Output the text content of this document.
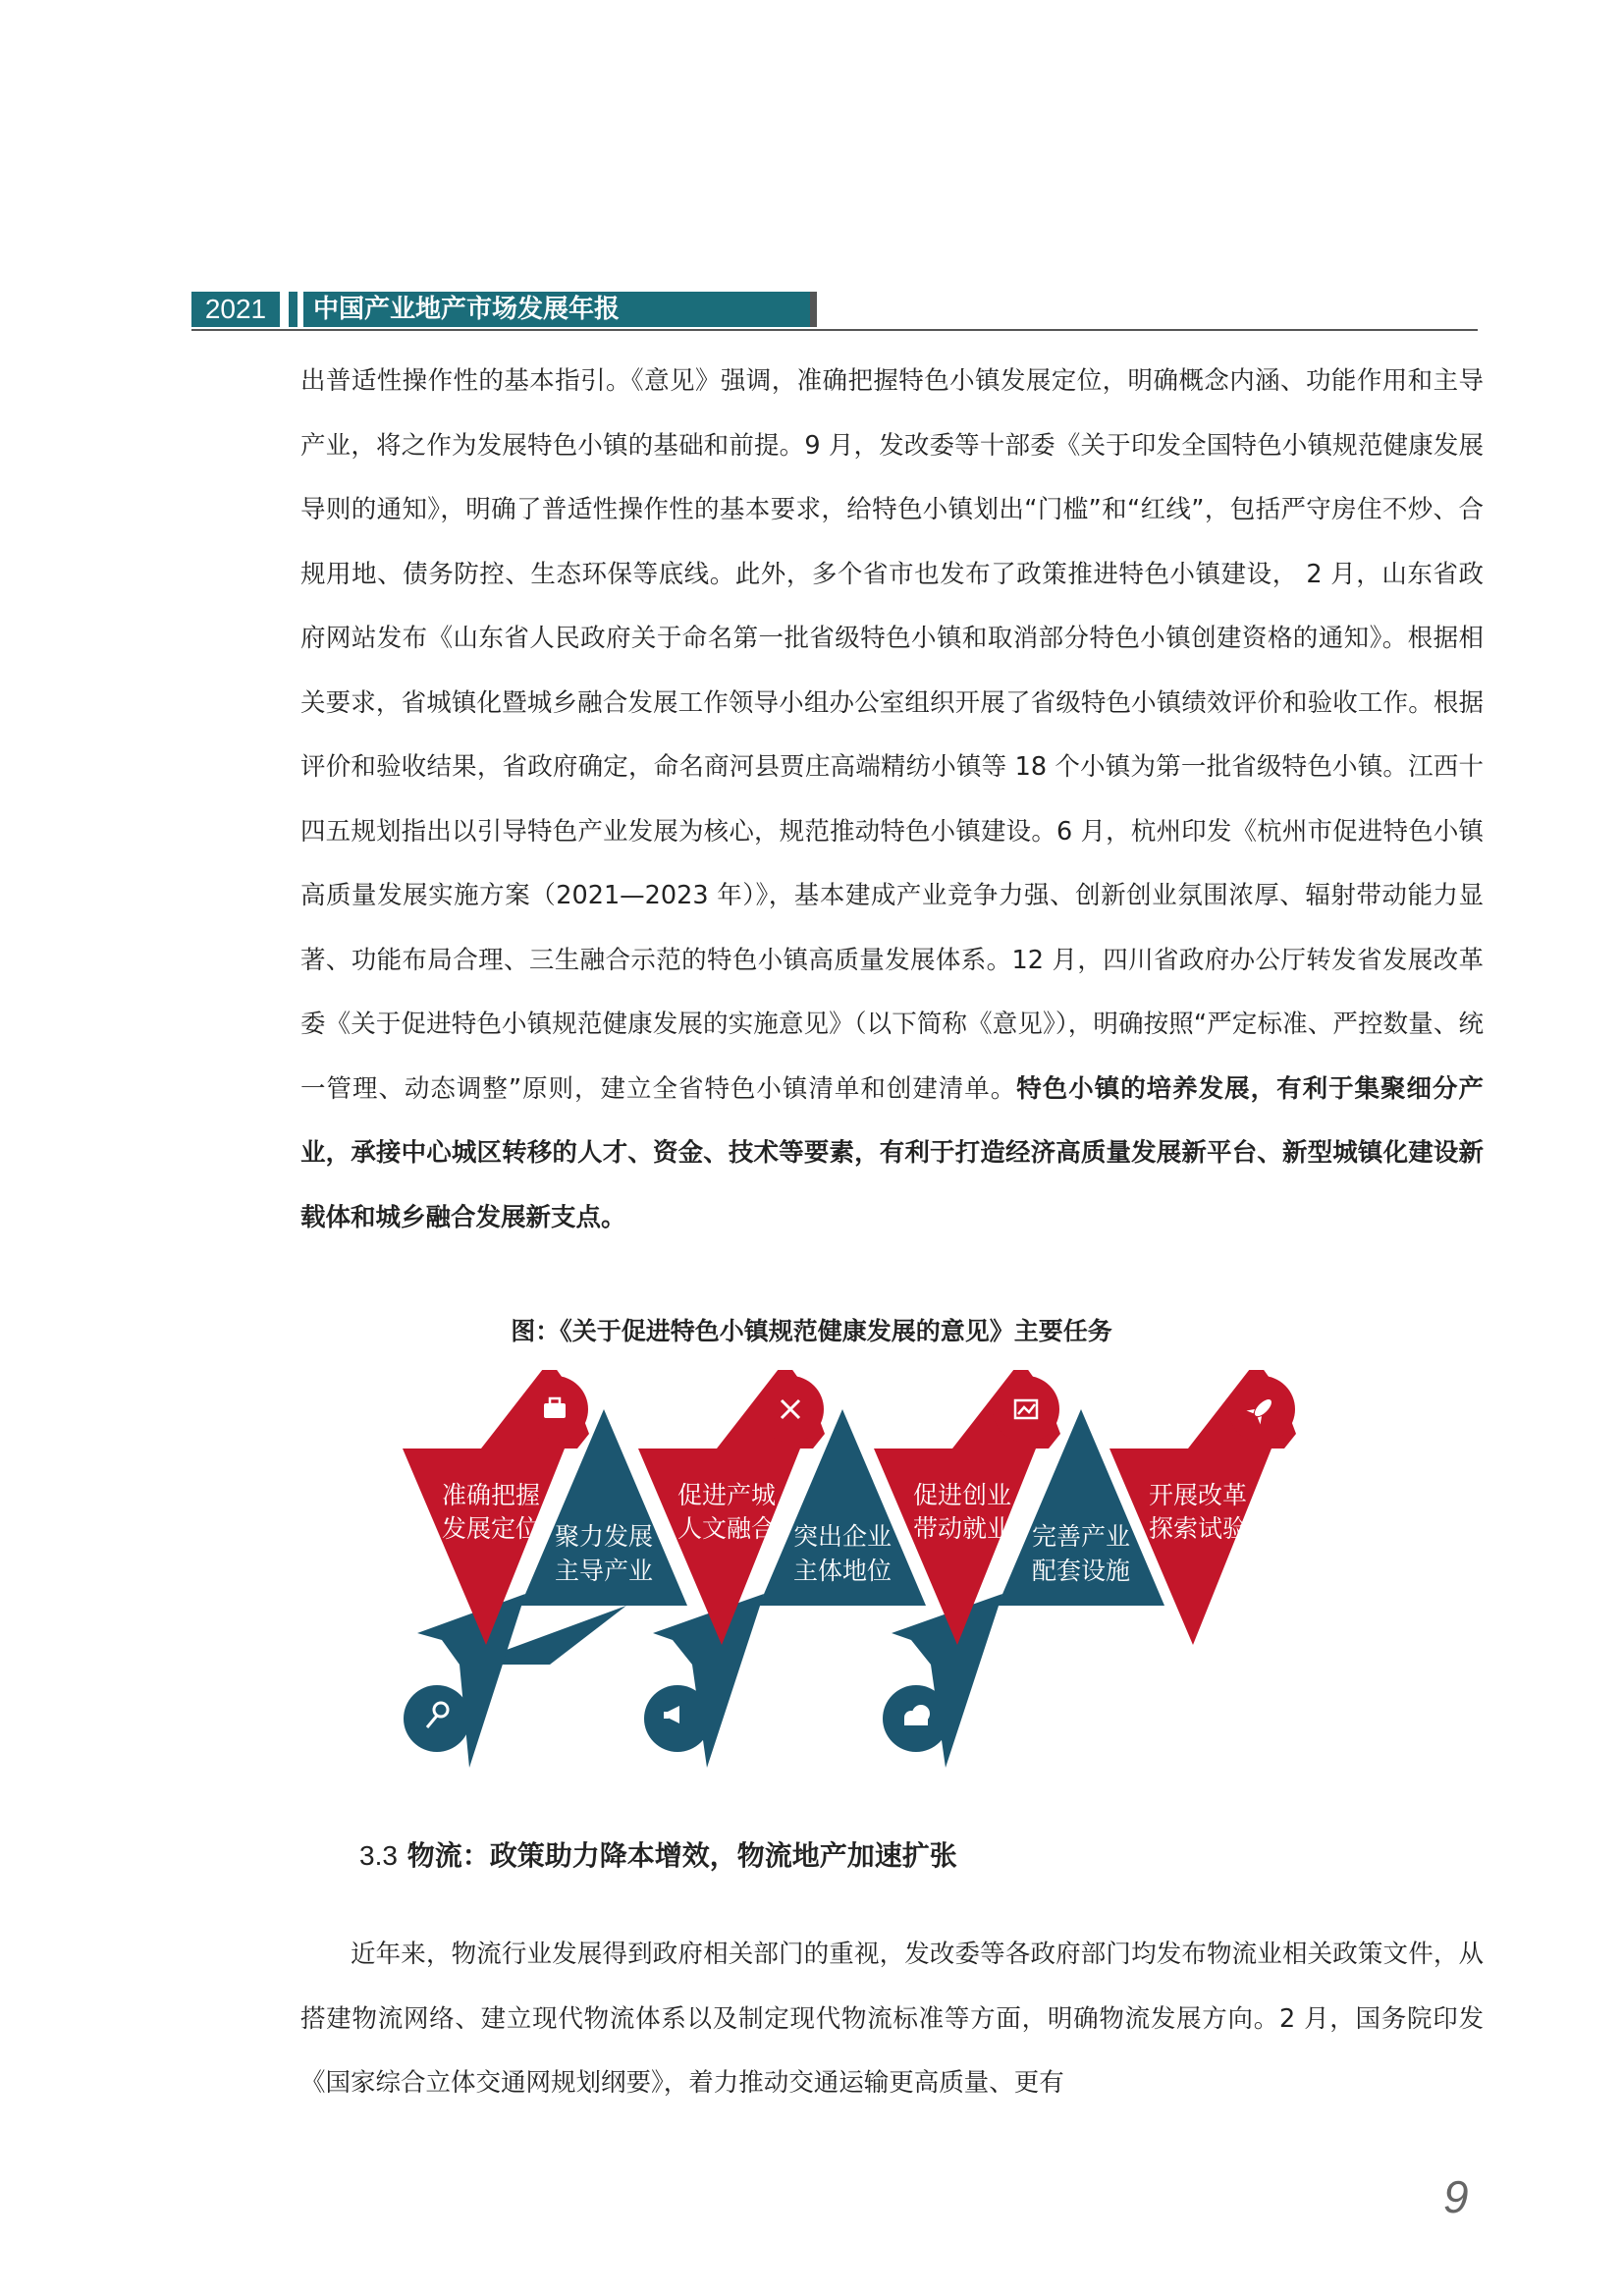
2021	中国产业地产市场发展年报

出普适性操作性的基本指引。《意见》强调，准确把握特色小镇发展定位，明确概念内涵、功能作用和主导产业，将之作为发展特色小镇的基础和前提。9 月，发改委等十部委《关于印发全国特色小镇规范健康发展导则的通知》，明确了普适性操作性的基本要求，给特色小镇划出“门槛”和“红线”，包括严守房住不炒、合规用地、债务防控、生态环保等底线。此外，多个省市也发布了政策推进特色小镇建设， 2 月，山东省政府网站发布《山东省人民政府关于命名第一批省级特色小镇和取消部分特色小镇创建资格的通知》。根据相关要求，省城镇化暨城乡融合发展工作领导小组办公室组织开展了省级特色小镇绩效评价和验收工作。根据评价和验收结果，省政府确定，命名商河县贾庄高端精纺小镇等 18 个小镇为第一批省级特色小镇。江西十四五规划指出以引导特色产业发展为核心，规范推动特色小镇建设。6 月，杭州印发《杭州市促进特色小镇高质量发展实施方案（2021—2023 年）》，基本建成产业竞争力强、创新创业氛围浓厚、辐射带动能力显著、功能布局合理、三生融合示范的特色小镇高质量发展体系。12 月，四川省政府办公厅转发省发展改革委《关于促进特色小镇规范健康发展的实施意见》（以下简称《意见》），明确按照“严定标准、严控数量、统一管理、动态调整”原则，建立全省特色小镇清单和创建清单。特色小镇的培养发展，有利于集聚细分产业，承接中心城区转移的人才、资金、技术等要素，有利于打造经济高质量发展新平台、新型城镇化建设新载体和城乡融合发展新支点。

图：《关于促进特色小镇规范健康发展的意见》主要任务
聚力发展
主导产业
突出企业
主体地位
完善产业
配套设施
准确把握
发展定位
促进产城
人文融合
促进创业
带动就业
开展改革
探索试验
3.3 物流：政策助力降本增效，物流地产加速扩张

近年来，物流行业发展得到政府相关部门的重视，发改委等各政府部门均发布物流业相关政策文件，从搭建物流网络、建立现代物流体系以及制定现代物流标准等方面，明确物流发展方向。2 月，国务院印发《国家综合立体交通网规划纲要》，着力推动交通运输更高质量、更有

9
